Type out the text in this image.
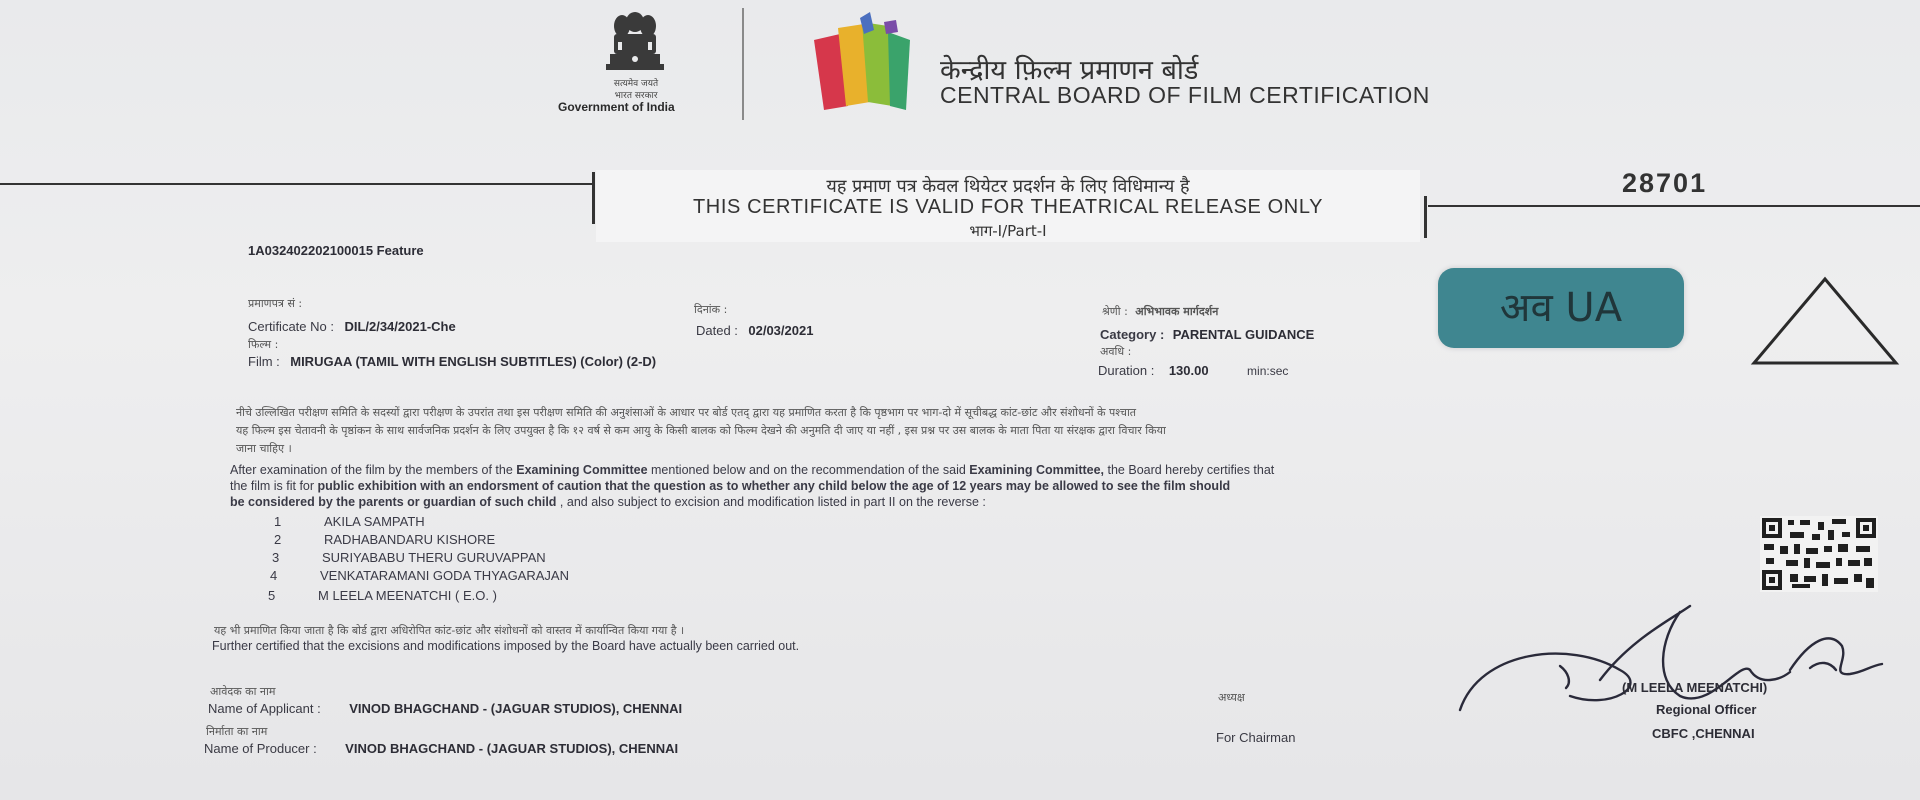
सत्यमेव जयते
भारत सरकार
Government of India
केन्द्रीय फ़िल्म प्रमाणन बोर्ड
CENTRAL BOARD OF FILM CERTIFICATION
यह प्रमाण पत्र केवल थियेटर प्रदर्शन के लिए विधिमान्य है
THIS CERTIFICATE IS VALID FOR THEATRICAL RELEASE ONLY
भाग-I/Part-I
28701
1A032402202100015 Feature
प्रमाणपत्र सं :
Certificate No : DIL/2/34/2021-Che
फिल्म :
Film : MIRUGAA (TAMIL WITH ENGLISH SUBTITLES) (Color) (2-D)
दिनांक :
Dated : 02/03/2021
श्रेणी : अभिभावक मार्गदर्शन
Category : PARENTAL GUIDANCE
अवधि :
Duration : 130.00	min:sec
अव UA
नीचे उल्लिखित परीक्षण समिति के सदस्यों द्वारा परीक्षण के उपरांत तथा इस परीक्षण समिति की अनुशंसाओं के आधार पर बोर्ड एतद् द्वारा यह प्रमाणित करता है कि पृष्ठभाग पर भाग-दो में सूचीबद्ध कांट-छांट और संशोधनों के पश्चात
यह फिल्म इस चेतावनी के पृष्ठांकन के साथ सार्वजनिक प्रदर्शन के लिए उपयुक्त है कि १२ वर्ष से कम आयु के किसी बालक को फिल्म देखने की अनुमति दी जाए या नहीं , इस प्रश्न पर उस बालक के माता पिता या संरक्षक द्वारा विचार किया
जाना चाहिए ।
After examination of the film by the members of the Examining Committee mentioned below and on the recommendation of the said Examining Committee, the Board hereby certifies that
the film is fit for public exhibition with an endorsment of caution that the question as to whether any child below the age of 12 years may be allowed to see the film should
be considered by the parents or guardian of such child , and also subject to excision and modification listed in part II on the reverse :
1	AKILA SAMPATH
2	RADHABANDARU KISHORE
3	SURIYABABU THERU GURUVAPPAN
4	VENKATARAMANI GODA THYAGARAJAN
5	M LEELA MEENATCHI ( E.O. )
यह भी प्रमाणित किया जाता है कि बोर्ड द्वारा अधिरोपित कांट-छांट और संशोधनों को वास्तव में कार्यान्वित किया गया है ।
Further certified that the excisions and modifications imposed by the Board have actually been carried out.
आवेदक का नाम
Name of Applicant : VINOD BHAGCHAND - (JAGUAR STUDIOS), CHENNAI
निर्माता का नाम
Name of Producer : VINOD BHAGCHAND - (JAGUAR STUDIOS), CHENNAI
अध्यक्ष
For Chairman
(M LEELA MEENATCHI)
Regional Officer
CBFC ,CHENNAI
